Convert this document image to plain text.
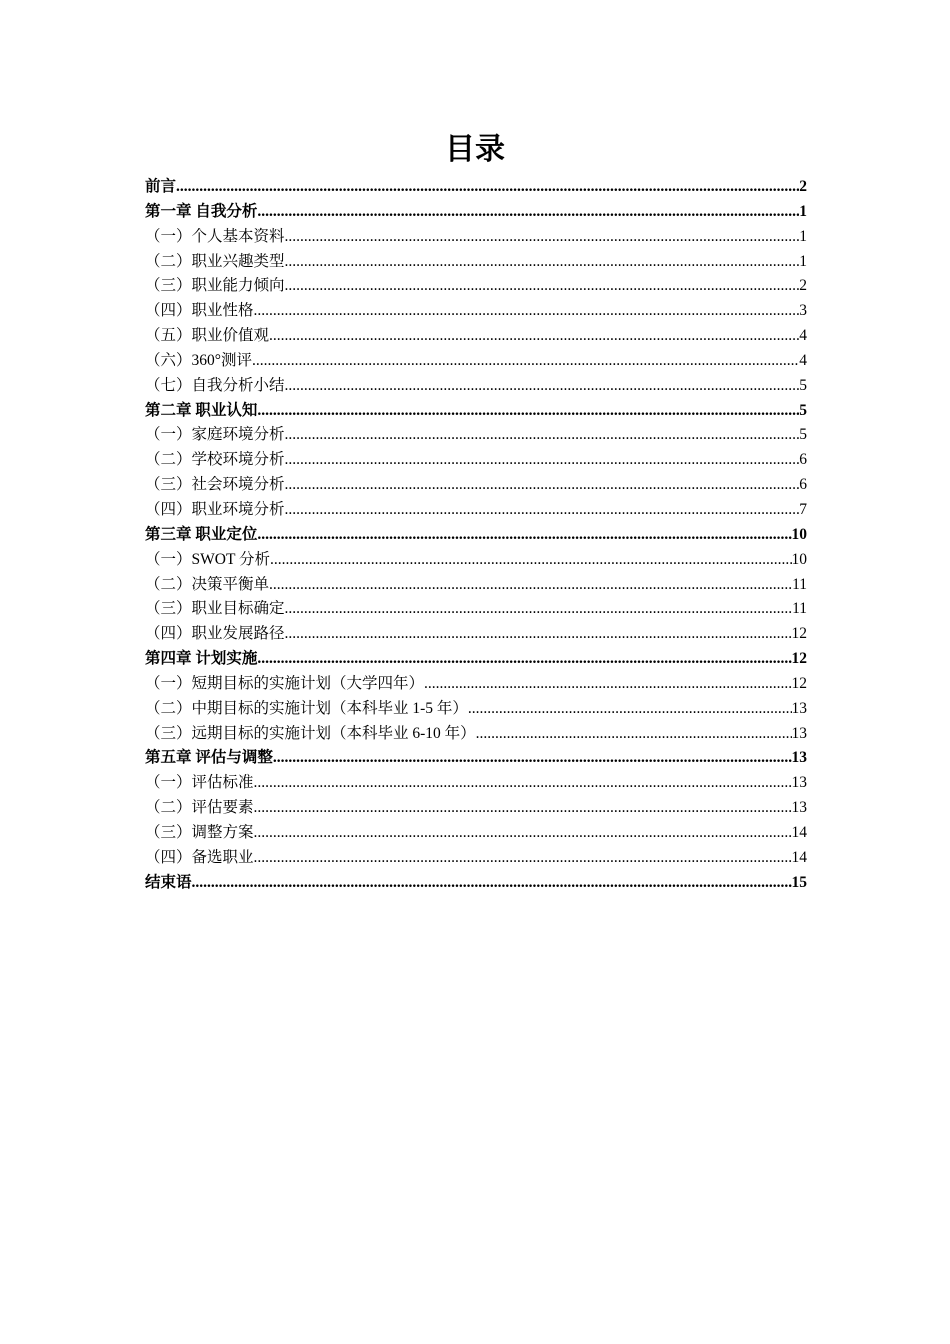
目录
前言 .....	2
第一章 自我分析 .....	1
（一）个人基本资料 .....	1
（二）职业兴趣类型 .....	1
（三）职业能力倾向 .....	2
（四）职业性格 .....	3
（五）职业价值观 .....	4
（六）360°测评 .....	4
（七）自我分析小结 .....	5
第二章 职业认知 .....	5
（一）家庭环境分析 .....	5
（二）学校环境分析 .....	6
（三）社会环境分析 .....	6
（四）职业环境分析 .....	7
第三章 职业定位 .....	10
（一）SWOT 分析 .....	10
（二）决策平衡单 .....	11
（三）职业目标确定 .....	11
（四）职业发展路径 .....	12
第四章 计划实施 .....	12
（一）短期目标的实施计划（大学四年） .....	12
（二）中期目标的实施计划（本科毕业 1-5 年） .....	13
（三）远期目标的实施计划（本科毕业 6-10 年） .....	13
第五章 评估与调整 .....	13
（一）评估标准 .....	13
（二）评估要素 .....	13
（三）调整方案 .....	14
（四）备选职业 .....	14
结束语 .....	15
